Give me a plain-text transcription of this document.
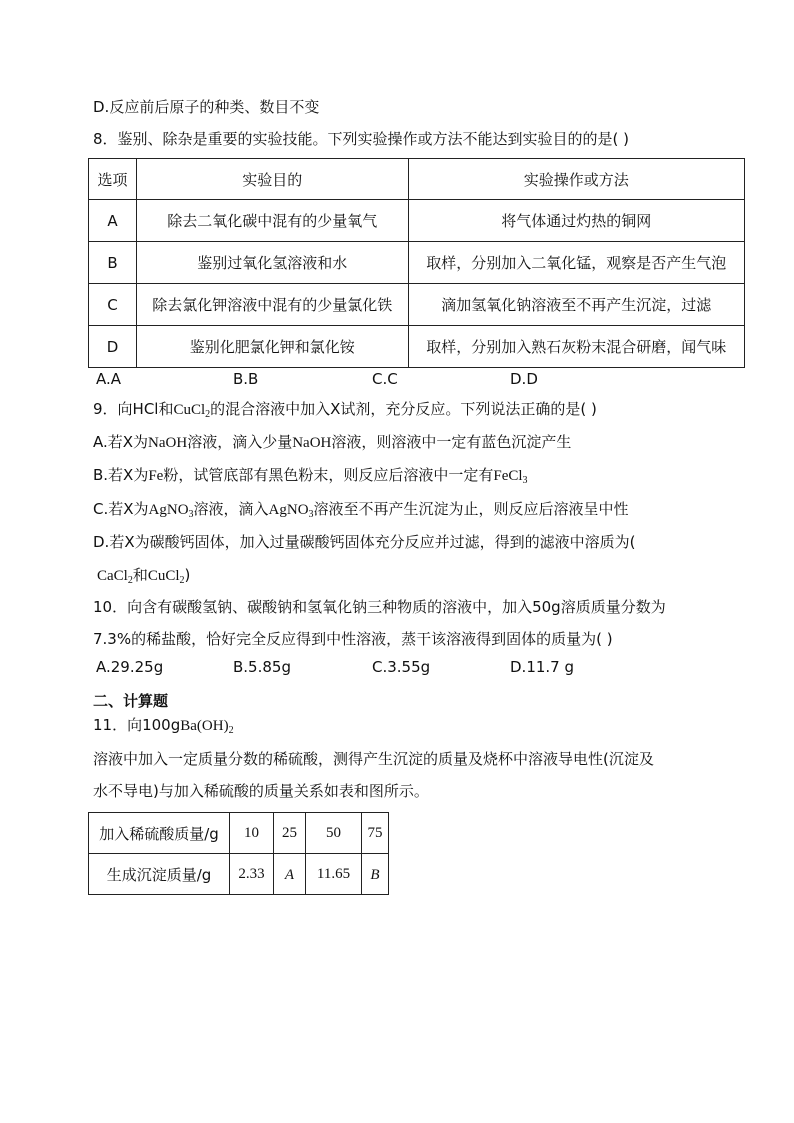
D.反应前后原子的种类、数目不变
8．鉴别、除杂是重要的实验技能。下列实验操作或方法不能达到实验目的的是( )
选项	实验目的	实验操作或方法
A	除去二氧化碳中混有的少量氧气	将气体通过灼热的铜网
B	鉴别过氧化氢溶液和水	取样，分别加入二氧化锰，观察是否产生气泡
C	除去氯化钾溶液中混有的少量氯化铁	滴加氢氧化钠溶液至不再产生沉淀，过滤
D	鉴别化肥氯化钾和氯化铵	取样，分别加入熟石灰粉末混合研磨，闻气味
A.A	B.B	C.C	D.D
9．向HCl和CuCl$_2$的混合溶液中加入X试剂，充分反应。下列说法正确的是( )
A.若X为NaOH溶液，滴入少量NaOH溶液，则溶液中一定有蓝色沉淀产生
B.若X为Fe粉，试管底部有黑色粉末，则反应后溶液中一定有FeCl$_3$
C.若X为AgNO$_3$溶液，滴入AgNO$_3$溶液至不再产生沉淀为止，则反应后溶液呈中性
D.若X为碳酸钙固体，加入过量碳酸钙固体充分反应并过滤，得到的滤液中溶质为(
CaCl$_2$和CuCl$_2$)
10．向含有碳酸氢钠、碳酸钠和氢氧化钠三种物质的溶液中，加入50g溶质质量分数为
7.3%的稀盐酸，恰好完全反应得到中性溶液，蒸干该溶液得到固体的质量为( )
A.29.25g	B.5.85g	C.3.55g	D.11.7 g
二、计算题
11．向$100gBa(OH)_2$
溶液中加入一定质量分数的稀硫酸，测得产生沉淀的质量及烧杯中溶液导电性(沉淀及
水不导电)与加入稀硫酸的质量关系如表和图所示。
加入稀硫酸质量/g	10	25	50	75
生成沉淀质量/g	2.33	A	11.65	B
